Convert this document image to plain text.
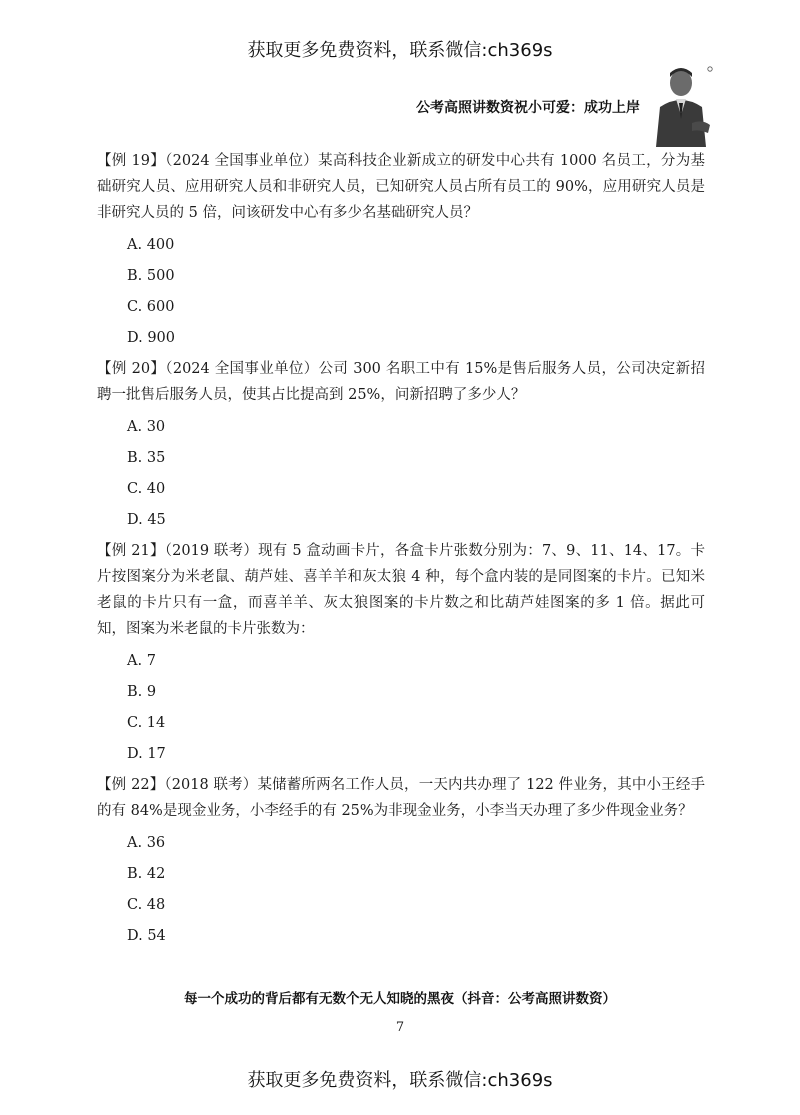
获取更多免费资料，联系微信:ch369s
公考高照讲数资祝小可爱：成功上岸

【例 19】（2024 全国事业单位）某高科技企业新成立的研发中心共有 1000 名员工，分为基础研究人员、应用研究人员和非研究人员，已知研究人员占所有员工的 90%，应用研究人员是非研究人员的 5 倍，问该研发中心有多少名基础研究人员？

A. 400
B. 500
C. 600
D. 900

【例 20】（2024 全国事业单位）公司 300 名职工中有 15%是售后服务人员，公司决定新招聘一批售后服务人员，使其占比提高到 25%，问新招聘了多少人？

A. 30
B. 35
C. 40
D. 45

【例 21】（2019 联考）现有 5 盒动画卡片，各盒卡片张数分别为：7、9、11、14、17。卡片按图案分为米老鼠、葫芦娃、喜羊羊和灰太狼 4 种，每个盒内装的是同图案的卡片。已知米老鼠的卡片只有一盒，而喜羊羊、灰太狼图案的卡片数之和比葫芦娃图案的多 1 倍。据此可知，图案为米老鼠的卡片张数为：

A. 7
B. 9
C. 14
D. 17

【例 22】（2018 联考）某储蓄所两名工作人员，一天内共办理了 122 件业务，其中小王经手的有 84%是现金业务，小李经手的有 25%为非现金业务，小李当天办理了多少件现金业务？

A. 36
B. 42
C. 48
D. 54
每一个成功的背后都有无数个无人知晓的黑夜（抖音：公考高照讲数资）
7
获取更多免费资料，联系微信:ch369s
